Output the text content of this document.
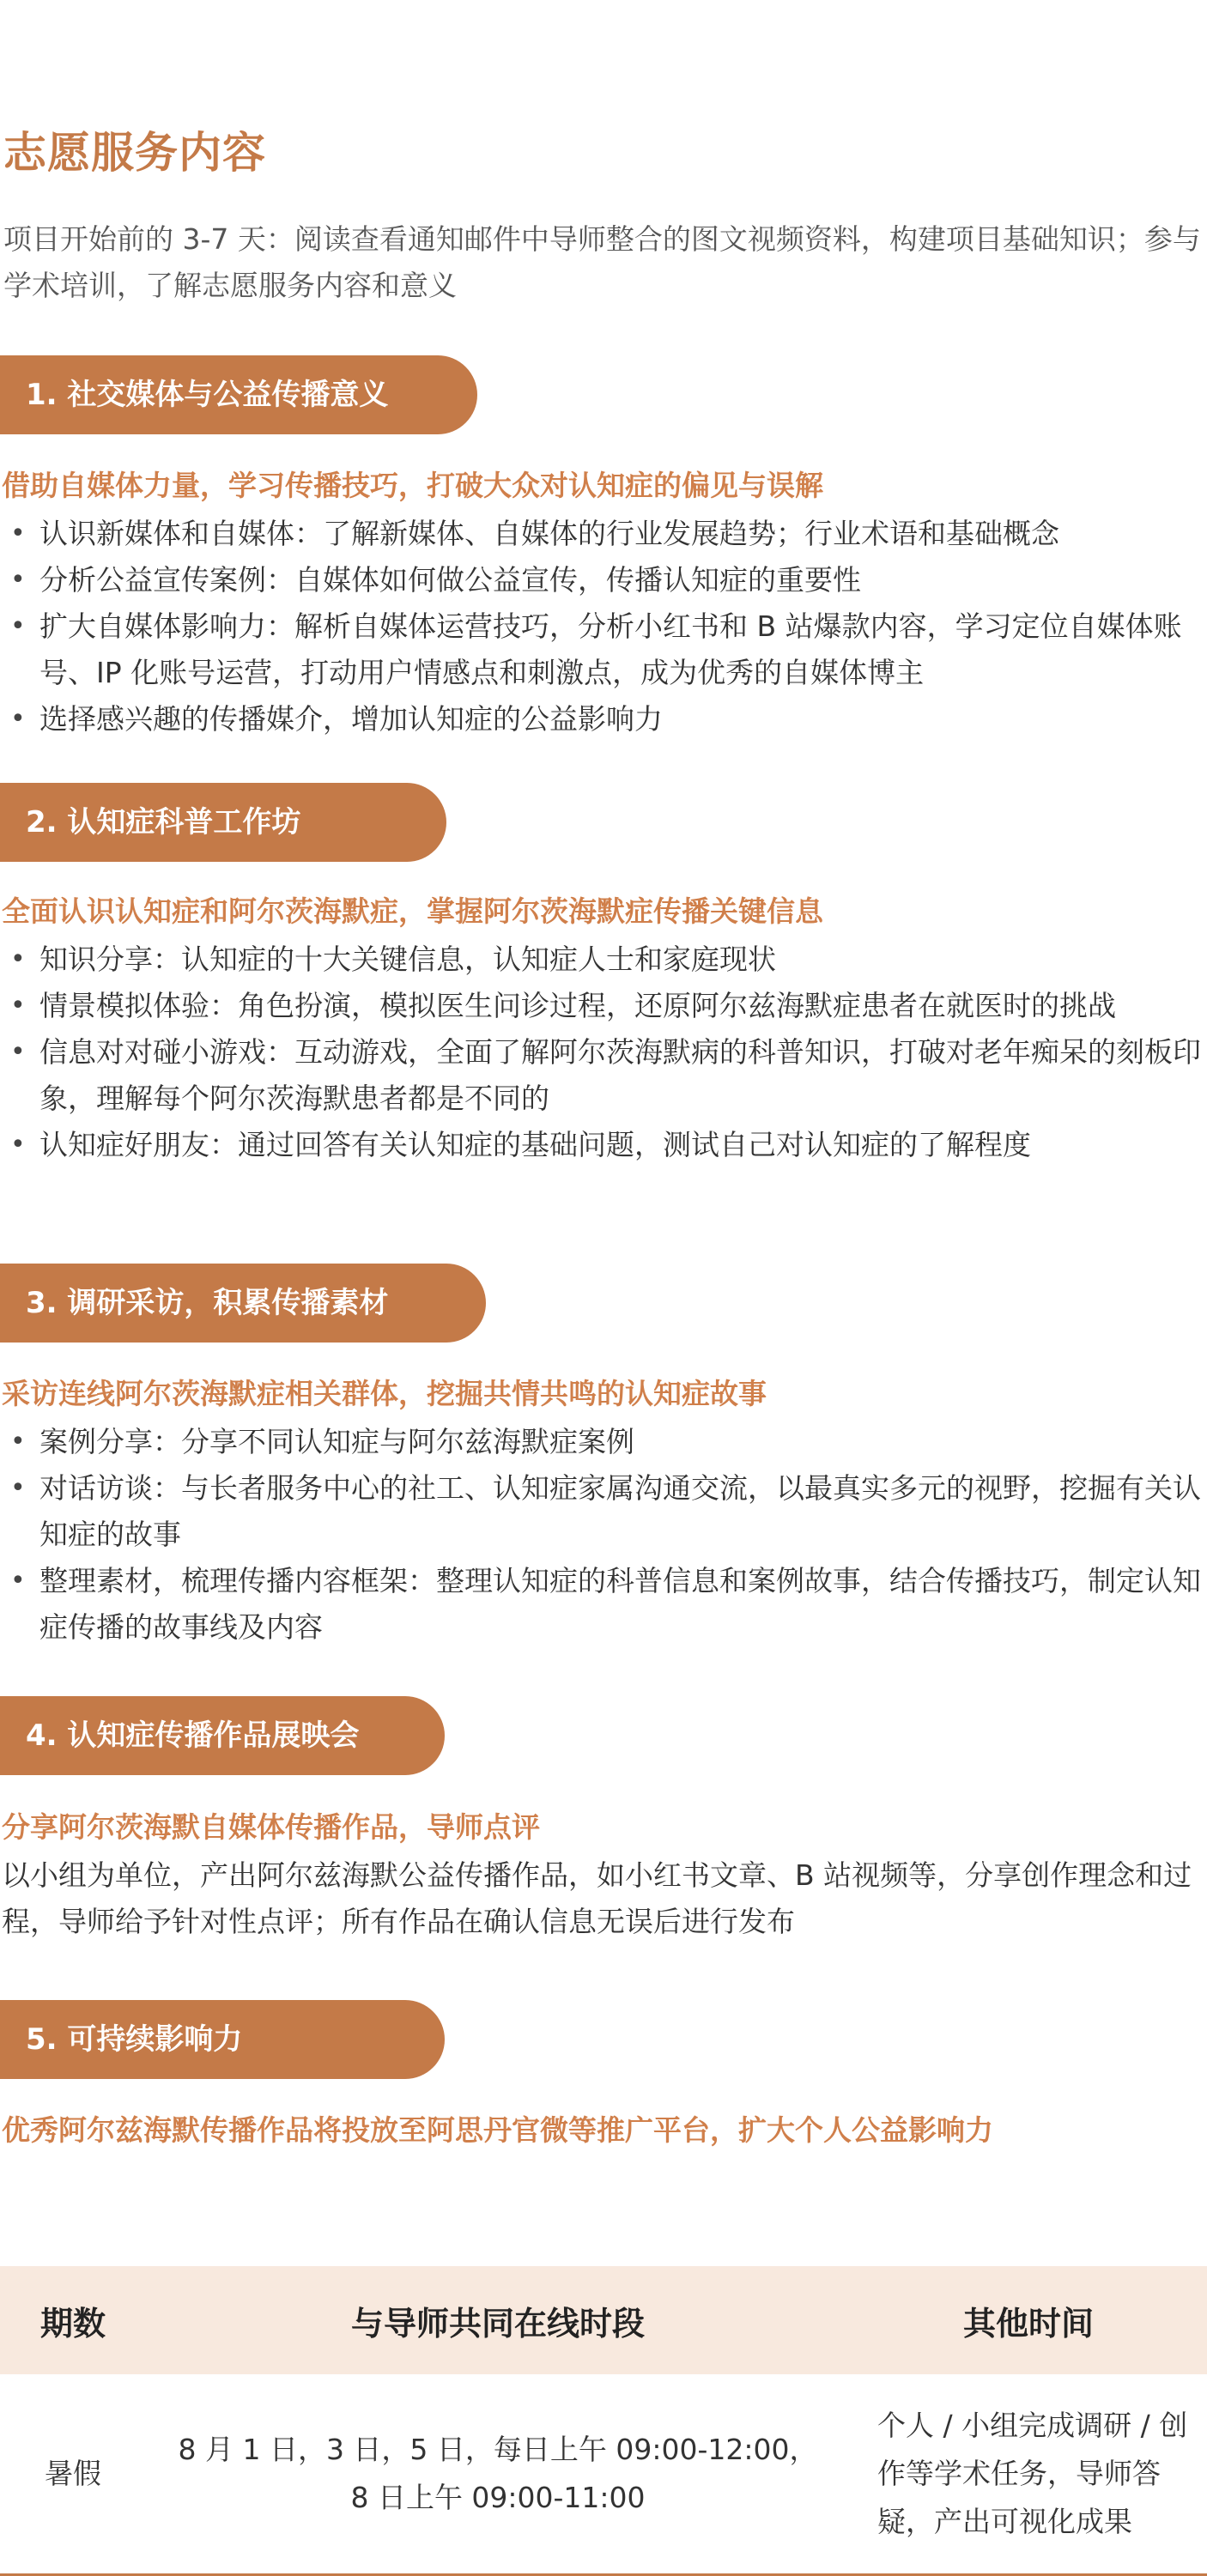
志愿服务内容

项目开始前的 3-7 天：阅读查看通知邮件中导师整合的图文视频资料，构建项目基础知识；参与学术培训，了解志愿服务内容和意义

1. 社交媒体与公益传播意义
借助自媒体力量，学习传播技巧，打破大众对认知症的偏见与误解
• 认识新媒体和自媒体：了解新媒体、自媒体的行业发展趋势；行业术语和基础概念
• 分析公益宣传案例：自媒体如何做公益宣传，传播认知症的重要性
• 扩大自媒体影响力：解析自媒体运营技巧，分析小红书和 B 站爆款内容，学习定位自媒体账号、IP 化账号运营，打动用户情感点和刺激点，成为优秀的自媒体博主
• 选择感兴趣的传播媒介，增加认知症的公益影响力
2. 认知症科普工作坊
全面认识认知症和阿尔茨海默症，掌握阿尔茨海默症传播关键信息
• 知识分享：认知症的十大关键信息，认知症人士和家庭现状
• 情景模拟体验：角色扮演，模拟医生问诊过程，还原阿尔兹海默症患者在就医时的挑战
• 信息对对碰小游戏：互动游戏，全面了解阿尔茨海默病的科普知识，打破对老年痴呆的刻板印象，理解每个阿尔茨海默患者都是不同的
• 认知症好朋友：通过回答有关认知症的基础问题，测试自己对认知症的了解程度
3. 调研采访，积累传播素材
采访连线阿尔茨海默症相关群体，挖掘共情共鸣的认知症故事
• 案例分享：分享不同认知症与阿尔兹海默症案例
• 对话访谈：与长者服务中心的社工、认知症家属沟通交流，以最真实多元的视野，挖掘有关认知症的故事
• 整理素材，梳理传播内容框架：整理认知症的科普信息和案例故事，结合传播技巧，制定认知症传播的故事线及内容
4. 认知症传播作品展映会
分享阿尔茨海默自媒体传播作品，导师点评

以小组为单位，产出阿尔兹海默公益传播作品，如小红书文章、B 站视频等，分享创作理念和过程，导师给予针对性点评；所有作品在确认信息无误后进行发布

5. 可持续影响力
优秀阿尔兹海默传播作品将投放至阿思丹官微等推广平台，扩大个人公益影响力
期数	与导师共同在线时段	其他时间
暑假	8 月 1 日，3 日，5 日，每日上午 09:00-12:00，
8 日上午 09:00-11:00	个人 / 小组完成调研 / 创作等学术任务，导师答疑，产出可视化成果
